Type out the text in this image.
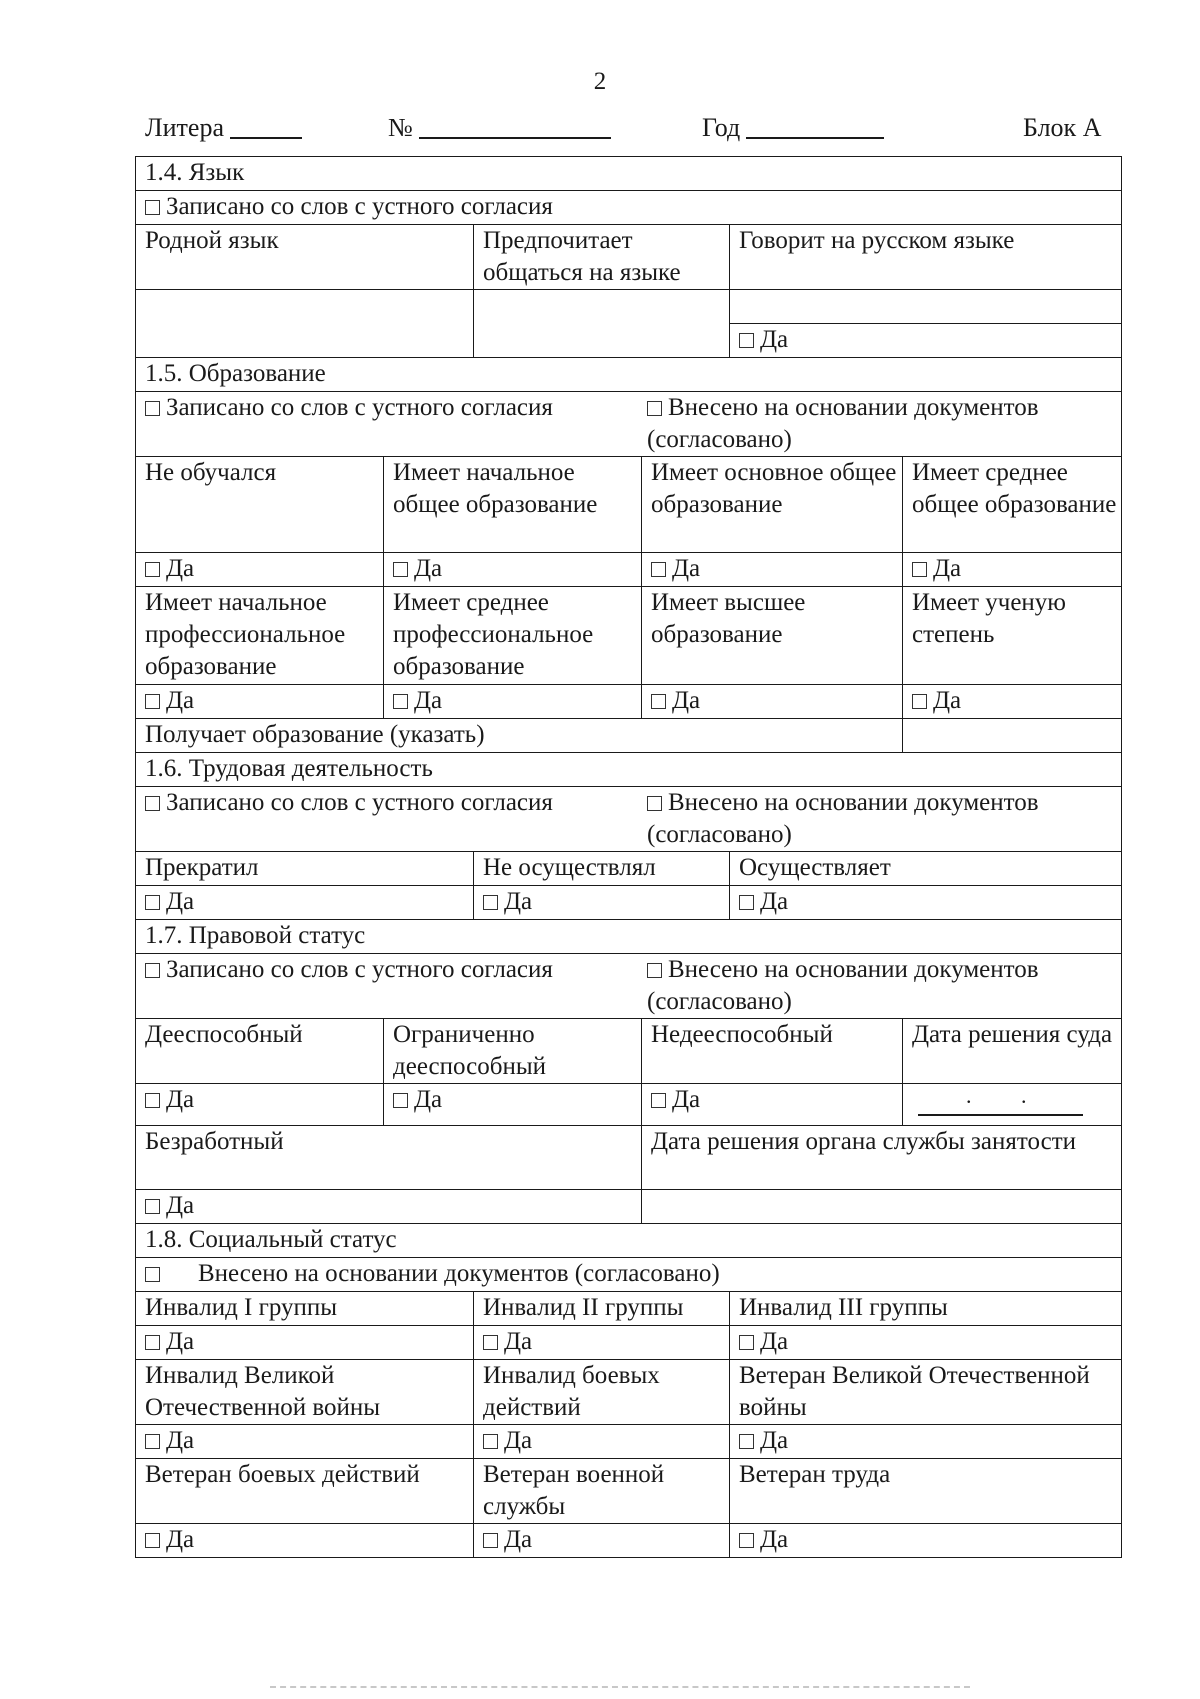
2
Литера	№	Год	Блок А
1.4. Язык					
Записано со слов с устного согласия					
Родной язык		Предпочитает общаться на языке		Говорит на русском языке	

				Да	
1.5. Образование					

Записано со слов с устного согласия Внесено на основании документов (согласовано)					

Не обучался	Имеет начальное общее образование		Имеет основное общее образование		Имеет среднее общее образование
Да	Да		Да		Да
Имеет начальное профессиональное образование	Имеет среднее профессиональное образование		Имеет высшее образование		Имеет ученую степень
Да	Да		Да		Да
Получает образование (указать)					
1.6. Трудовая деятельность					

Записано со слов с устного согласия Внесено на основании документов (согласовано)					

Прекратил		Не осуществлял		Осуществляет	
Да		Да		Да	
1.7. Правовой статус					

Записано со слов с устного согласия Внесено на основании документов (согласовано)					

Дееспособный	Ограниченно дееспособный		Недееспособный		Дата решения суда
Да	Да		Да		. .

Безработный			Дата решения органа службы занятости		
Да					
1.8. Социальный статус					
Внесено на основании документов (согласовано)					
Инвалид I группы		Инвалид II группы		Инвалид III группы	
Да		Да		Да	
Инвалид Великой Отечественной войны		Инвалид боевых действий		Ветеран Великой Отечественной войны	
Да		Да		Да	
Ветеран боевых действий		Ветеран военной службы		Ветеран труда	
Да		Да		Да	
